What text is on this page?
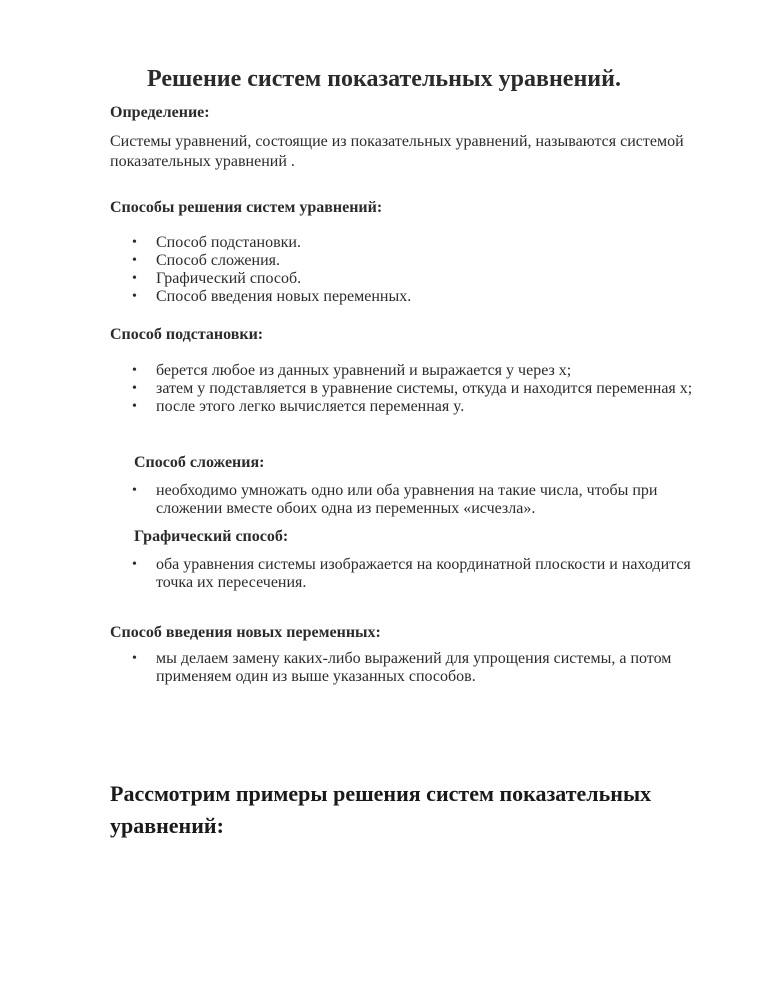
Решение систем показательных уравнений.
Определение:

Системы уравнений, состоящие из показательных уравнений, называются системой показательных уравнений .

Способы решения систем уравнений:
• Способ подстановки.
• Способ сложения.
• Графический способ.
• Способ введения новых переменных.
Способ подстановки:
• берется любое из данных уравнений и выражается y через x;
• затем y подставляется в уравнение системы, откуда и находится переменная x;
• после этого легко вычисляется переменная y.
Способ сложения:
• необходимо умножать одно или оба уравнения на такие числа, чтобы при сложении вместе обоих одна из переменных «исчезла».
Графический способ:
• оба уравнения системы изображается на координатной плоскости и находится точка их пересечения.
Способ введения новых переменных:
• мы делаем замену каких-либо выражений для упрощения системы, а потом применяем один из выше указанных способов.
Рассмотрим примеры решения систем показательных уравнений:
